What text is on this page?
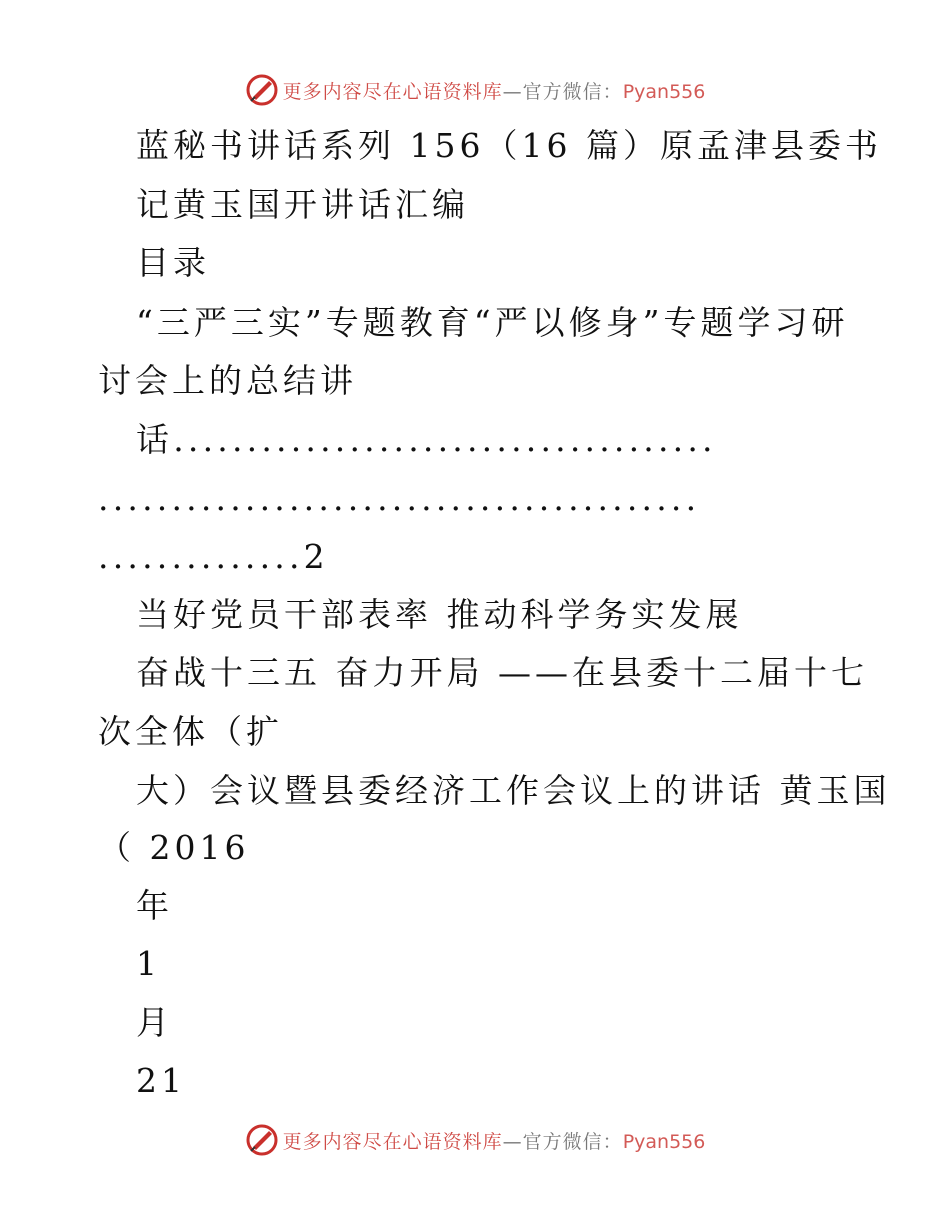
更多内容尽在心语资料库—官方微信：Pyan556
蓝秘书讲话系列 156（16 篇）原孟津县委书
记黄玉国开讲话汇编
目录
“三严三实”专题教育“严以修身”专题学习研
讨会上的总结讲
话.....................................
.........................................
..............2
当好党员干部表率 推动科学务实发展
奋战十三五 奋力开局 ——在县委十二届十七
次全体（扩
大）会议暨县委经济工作会议上的讲话 黄玉国
（ 2016
年
1
月
21
更多内容尽在心语资料库—官方微信：Pyan556
